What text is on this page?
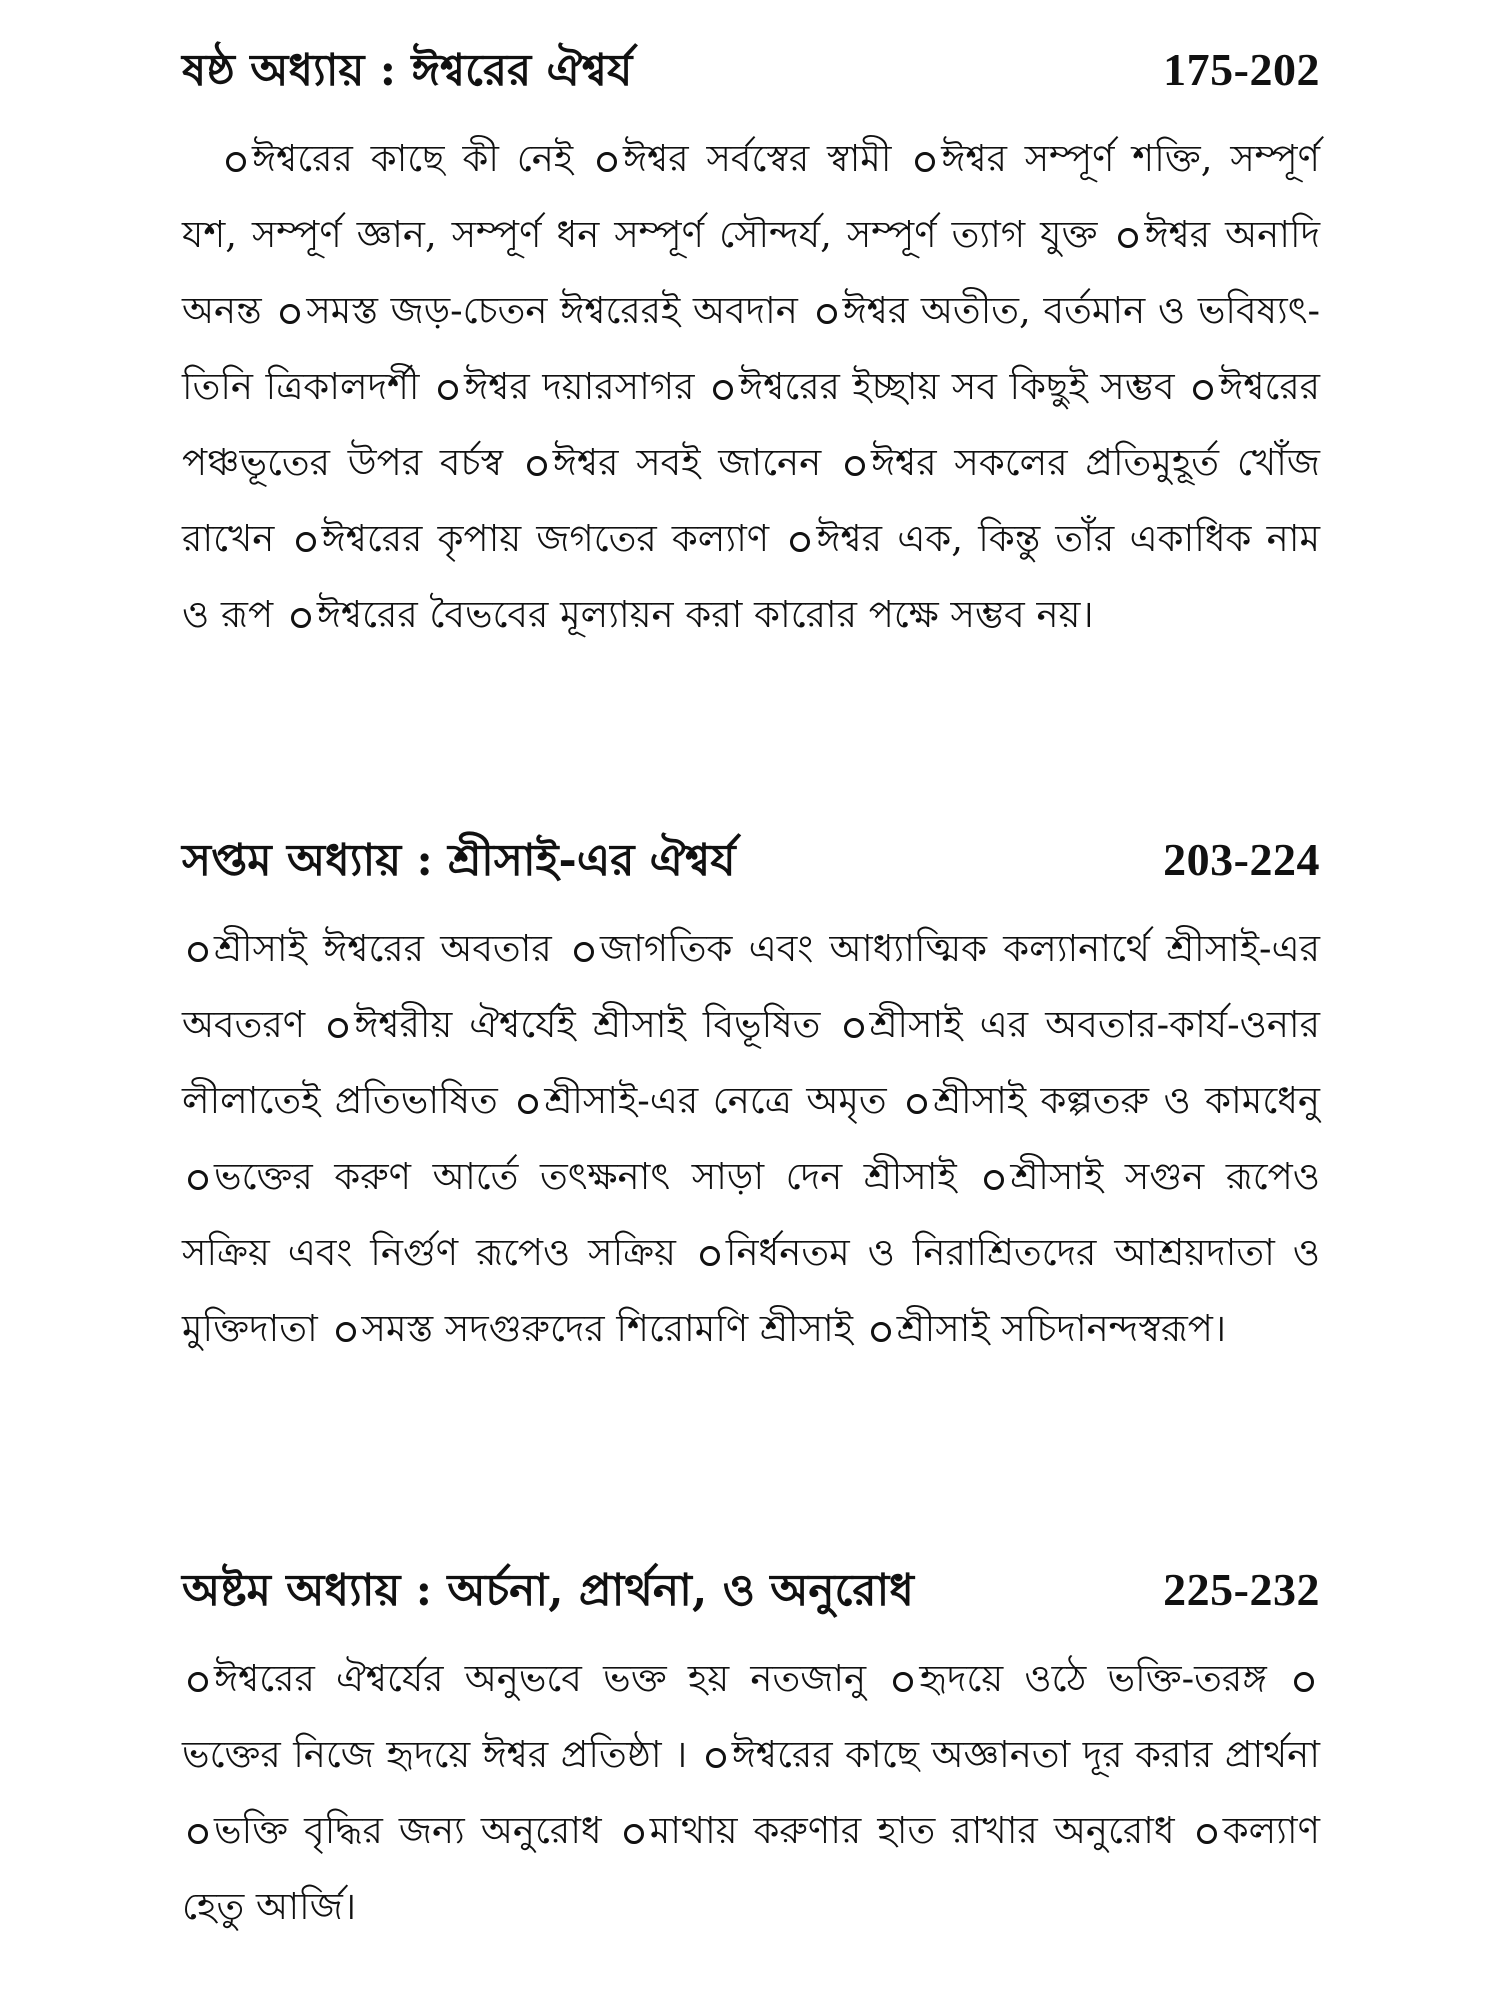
ষষ্ঠ অধ্যায় : ঈশ্বরের ঐশ্বর্য	175-202
ঈশ্বরের কাছে কী নেই ঈশ্বর সর্বস্বের স্বামী ঈশ্বর সম্পূর্ণ শক্তি, সম্পূর্ণ যশ, সম্পূর্ণ জ্ঞান, সম্পূর্ণ ধন সম্পূর্ণ সৌন্দর্য, সম্পূর্ণ ত্যাগ যুক্ত ঈশ্বর অনাদি অনন্ত সমস্ত জড়-চেতন ঈশ্বরেরই অবদান ঈশ্বর অতীত, বর্তমান ও ভবিষ্যৎ-তিনি ত্রিকালদর্শী ঈশ্বর দয়ারসাগর ঈশ্বরের ইচ্ছায় সব কিছুই সম্ভব ঈশ্বরের পঞ্চভূতের উপর বর্চস্ব ঈশ্বর সবই জানেন ঈশ্বর সকলের প্রতিমুহূর্ত খোঁজ রাখেন ঈশ্বরের কৃপায় জগতের কল্যাণ ঈশ্বর এক, কিন্তু তাঁর একাধিক নাম ও রূপ ঈশ্বরের বৈভবের মূল্যায়ন করা কারোর পক্ষে সম্ভব নয়।
সপ্তম অধ্যায় : শ্রীসাই-এর ঐশ্বর্য	203-224
শ্রীসাই ঈশ্বরের অবতার জাগতিক এবং আধ্যাত্মিক কল্যানার্থে শ্রীসাই-এর অবতরণ ঈশ্বরীয় ঐশ্বর্যেই শ্রীসাই বিভূষিত শ্রীসাই এর অবতার-কার্য-ওনার লীলাতেই প্রতিভাষিত শ্রীসাই-এর নেত্রে অমৃত শ্রীসাই কল্পতরু ও কামধেনু ভক্তের করুণ আর্তে তৎক্ষনাৎ সাড়া দেন শ্রীসাই শ্রীসাই সগুন রূপেও সক্রিয় এবং নির্গুণ রূপেও সক্রিয় নির্ধনতম ও নিরাশ্রিতদের আশ্রয়দাতা ও মুক্তিদাতা সমস্ত সদগুরুদের শিরোমণি শ্রীসাই শ্রীসাই সচিদানন্দস্বরূপ।
অষ্টম অধ্যায় : অর্চনা, প্রার্থনা, ও অনুরোধ	225-232
ঈশ্বরের ঐশ্বর্যের অনুভবে ভক্ত হয় নতজানু হৃদয়ে ওঠে ভক্তি-তরঙ্গ ভক্তের নিজে হৃদয়ে ঈশ্বর প্রতিষ্ঠা । ঈশ্বরের কাছে অজ্ঞানতা দূর করার প্রার্থনা ভক্তি বৃদ্ধির জন্য অনুরোধ মাথায় করুণার হাত রাখার অনুরোধ কল্যাণ হেতু আর্জি।
